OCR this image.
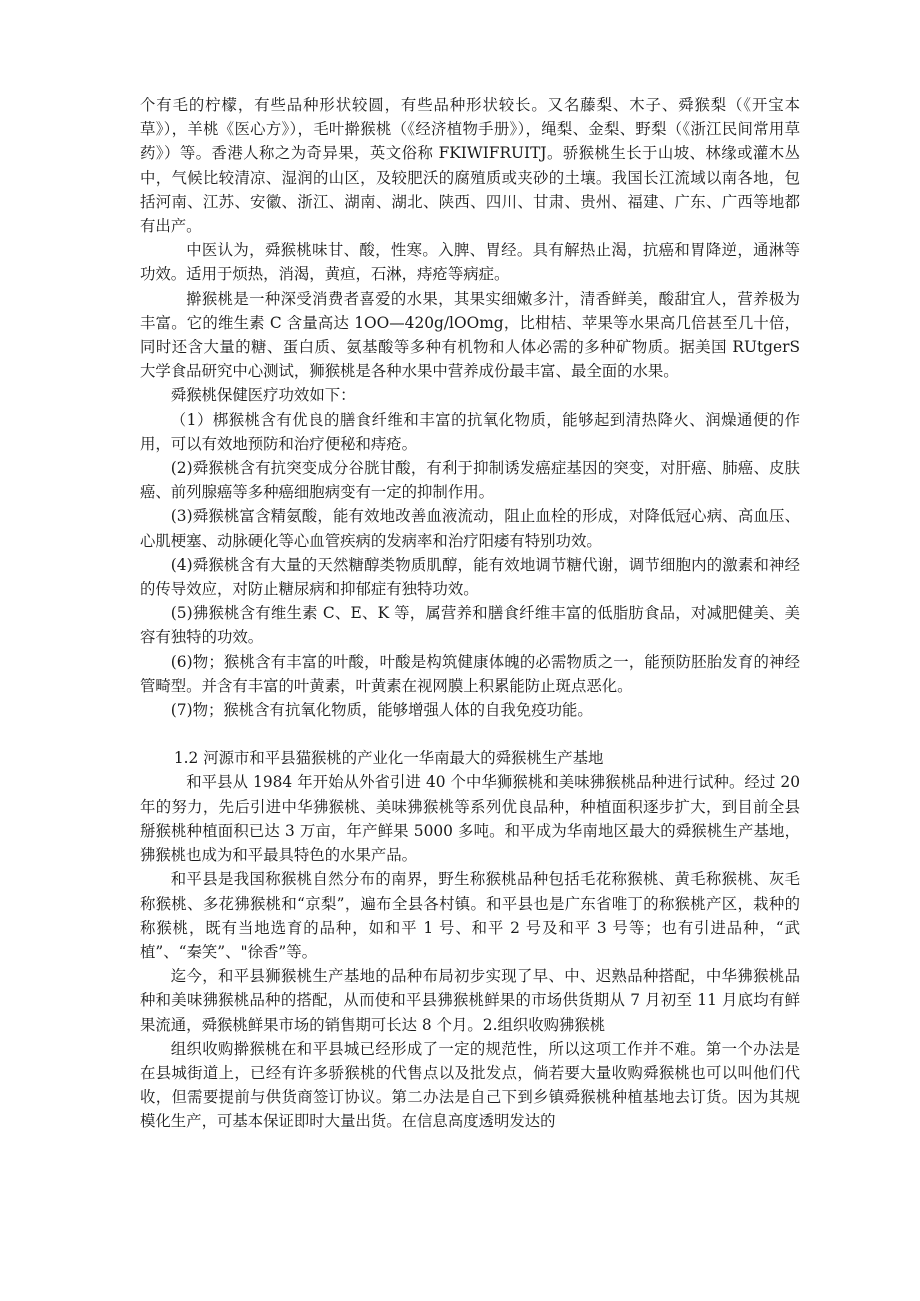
个有毛的柠檬，有些品种形状较圆，有些品种形状较长。又名藤梨、木子、舜猴梨（《开宝本草》），羊桃《医心方》），毛叶擀猴桃（《经济植物手册》），绳梨、金梨、野梨（《浙江民间常用草药》）等。香港人称之为奇异果，英文俗称 FKIWIFRUITJ。骄猴桃生长于山坡、林缘或灌木丛中，气候比较清凉、湿润的山区，及较肥沃的腐殖质或夹砂的土壤。我国长江流域以南各地，包括河南、江苏、安徽、浙江、湖南、湖北、陕西、四川、甘肃、贵州、福建、广东、广西等地都有出产。

中医认为，舜猴桃味甘、酸，性寒。入脾、胃经。具有解热止渴，抗癌和胃降逆，通淋等功效。适用于烦热，消渴，黄疸，石淋，痔疮等病症。

擀猴桃是一种深受消费者喜爱的水果，其果实细嫩多汁，清香鲜美，酸甜宜人，营养极为丰富。它的维生素 C 含量高达 1OO—420g/lOOmg，比柑桔、苹果等水果高几倍甚至几十倍，同时还含大量的糖、蛋白质、氨基酸等多种有机物和人体必需的多种矿物质。据美国 RUtgerS 大学食品研究中心测试，狮猴桃是各种水果中营养成份最丰富、最全面的水果。

舜猴桃保健医疗功效如下：

（1）梆猴桃含有优良的膳食纤维和丰富的抗氧化物质，能够起到清热降火、润燥通便的作用，可以有效地预防和治疗便秘和痔疮。

(2)舜猴桃含有抗突变成分谷胱甘酸，有利于抑制诱发癌症基因的突变，对肝癌、肺癌、皮肤癌、前列腺癌等多种癌细胞病变有一定的抑制作用。

(3)舜猴桃富含精氨酸，能有效地改善血液流动，阻止血栓的形成，对降低冠心病、高血压、心肌梗塞、动脉硬化等心血管疾病的发病率和治疗阳痿有特别功效。

(4)舜猴桃含有大量的天然糖醇类物质肌醇，能有效地调节糖代谢，调节细胞内的激素和神经的传导效应，对防止糖尿病和抑郁症有独特功效。

(5)狒猴桃含有维生素 C、E、K 等，属营养和膳食纤维丰富的低脂肪食品，对减肥健美、美容有独特的功效。

(6)物；猴桃含有丰富的叶酸，叶酸是构筑健康体魄的必需物质之一，能预防胚胎发育的神经管畸型。并含有丰富的叶黄素，叶黄素在视网膜上积累能防止斑点恶化。

(7)物；猴桃含有抗氧化物质，能够增强人体的自我免疫功能。

1.2 河源市和平县猫猴桃的产业化一华南最大的舜猴桃生产基地

和平县从 1984 年开始从外省引进 40 个中华狮猴桃和美味狒猴桃品种进行试种。经过 20 年的努力，先后引进中华狒猴桃、美味狒猴桃等系列优良品种，种植面积逐步扩大，到目前全县掰猴桃种植面积已达 3 万亩，年产鲜果 5000 多吨。和平成为华南地区最大的舜猴桃生产基地，狒猴桃也成为和平最具特色的水果产品。

和平县是我国称猴桃自然分布的南界，野生称猴桃品种包括毛花称猴桃、黄毛称猴桃、灰毛称猴桃、多花狒猴桃和“京梨”，遍布全县各村镇。和平县也是广东省唯丁的称猴桃产区，栽种的称猴桃，既有当地选育的品种，如和平 1 号、和平 2 号及和平 3 号等；也有引进品种，“武植”、“秦笑”、"徐香”等。

迄今，和平县狮猴桃生产基地的品种布局初步实现了早、中、迟熟品种搭配，中华狒猴桃品种和美味狒猴桃品种的搭配，从而使和平县狒猴桃鲜果的市场供货期从 7 月初至 11 月底均有鲜果流通，舜猴桃鲜果市场的销售期可长达 8 个月。2.组织收购狒猴桃

组织收购擀猴桃在和平县城已经形成了一定的规范性，所以这项工作并不难。第一个办法是在县城街道上，已经有许多骄猴桃的代售点以及批发点，倘若要大量收购舜猴桃也可以叫他们代收，但需要提前与供货商签订协议。第二办法是自己下到乡镇舜猴桃种植基地去订货。因为其规模化生产，可基本保证即时大量出货。在信息高度透明发达的
